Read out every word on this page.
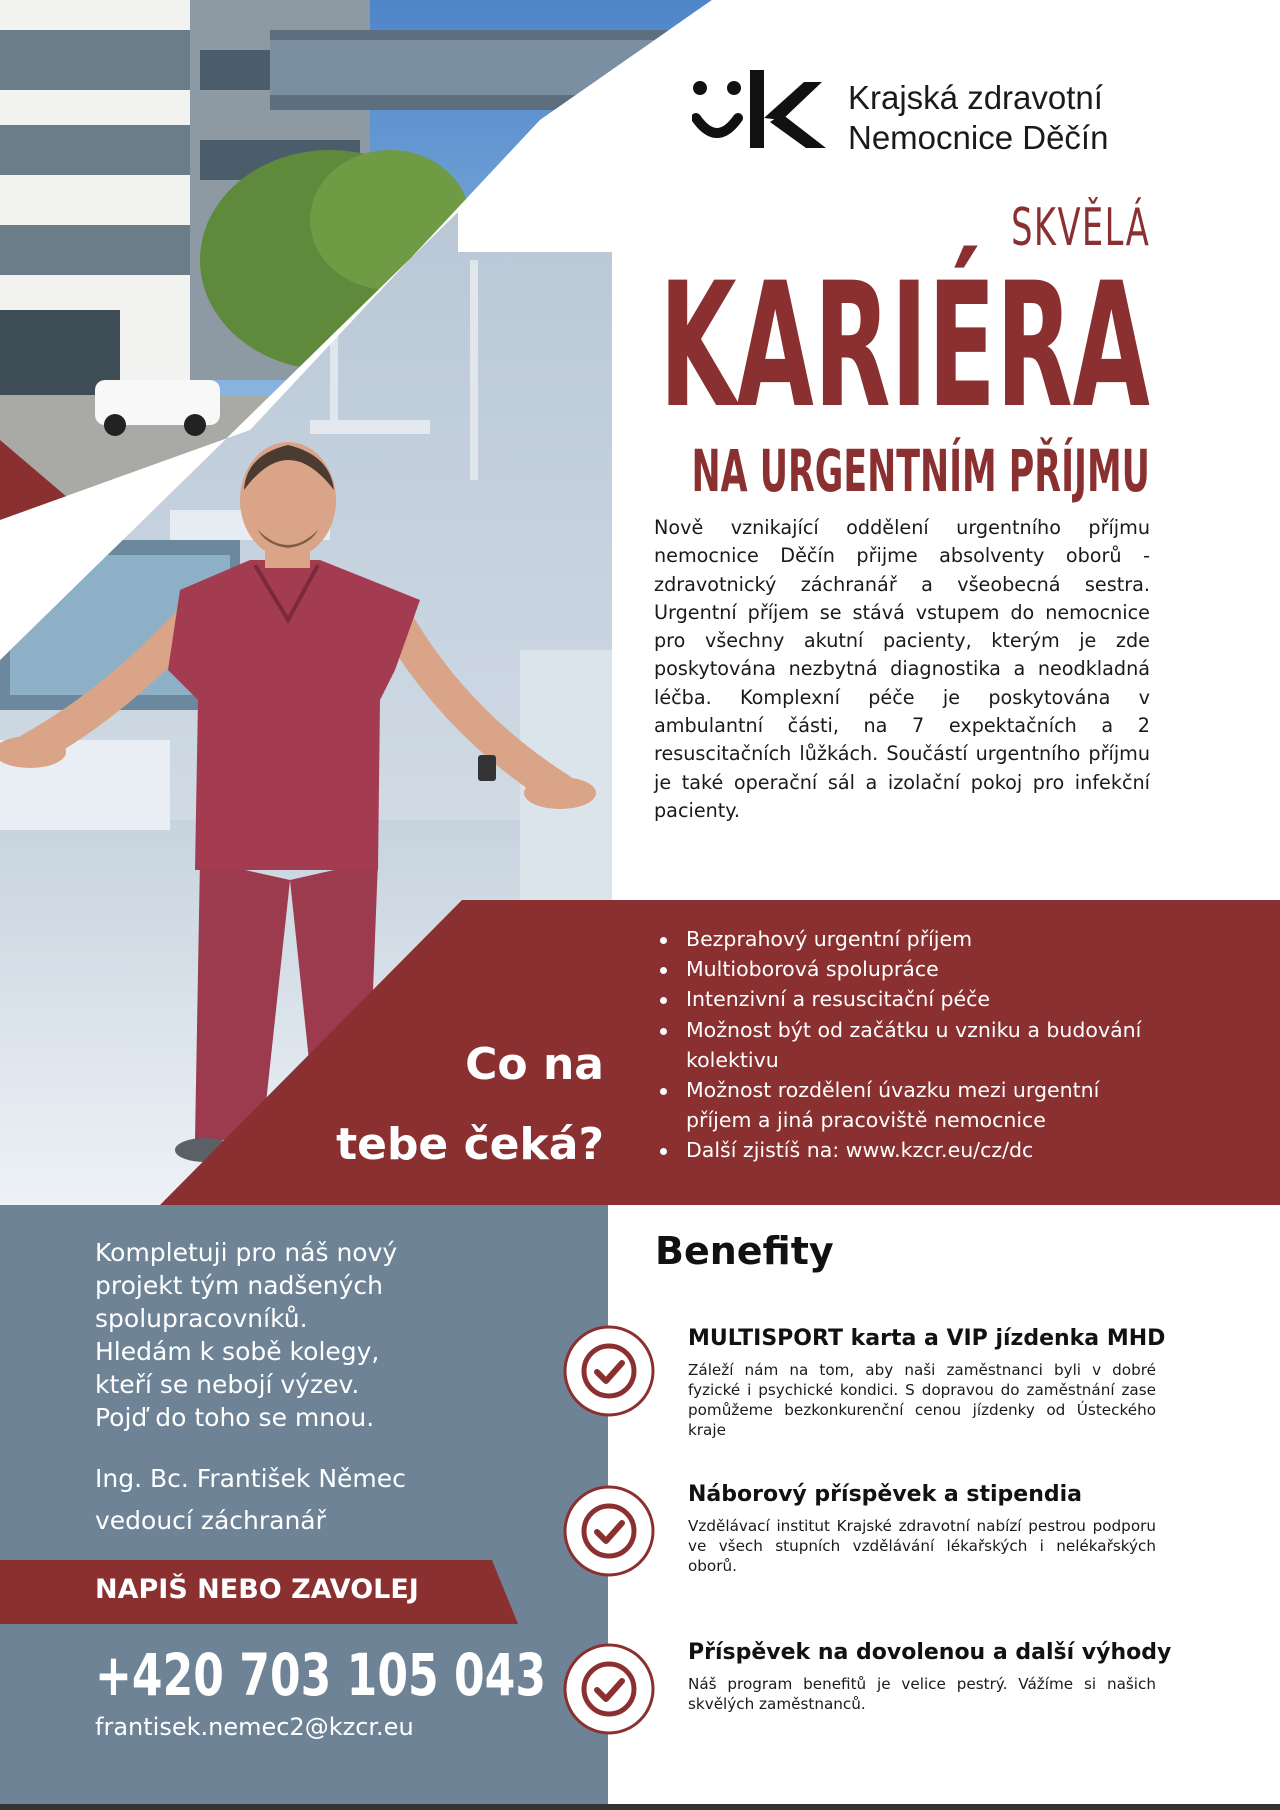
Krajská zdravotní
Nemocnice Děčín
SKVĚLÁ
KARIÉRA
NA URGENTNÍM PŘÍJMU
Nově vznikající oddělení urgentního příjmu nemocnice Děčín přijme absolventy oborů - zdravotnický záchranář a všeobecná sestra. Urgentní příjem se stává vstupem do nemocnice pro všechny akutní pacienty, kterým je zde poskytována nezbytná diagnostika a neodkladná léčba. Komplexní péče je poskytována v ambulantní části, na 7 expektačních a 2 resuscitačních lůžkách. Součástí urgentního příjmu je také operační sál a izolační pokoj pro infekční pacienty.
Co na
tebe čeká?
Bezprahový urgentní příjem
Multioborová spolupráce
Intenzivní a resuscitační péče
Možnost být od začátku u vzniku a budování kolektivu
Možnost rozdělení úvazku mezi urgentní příjem a jiná pracoviště nemocnice
Další zjistíš na: www.kzcr.eu/cz/dc

Kompletuji pro náš nový

projekt tým nadšených

spolupracovníků.

Hledám k sobě kolegy,

kteří se nebojí výzev.

Pojď do toho se mnou.

Ing. Bc. František Němec
vedoucí záchranář
NAPIŠ NEBO ZAVOLEJ
+420 703 105 043
frantisek.nemec2@kzcr.eu
Benefity
MULTISPORT karta a VIP jízdenka MHD
Záleží nám na tom, aby naši zaměstnanci byli v dobré fyzické i psychické kondici. S dopravou do zaměstnání zase pomůžeme bezkonkurenční cenou jízdenky od Ústeckého kraje
Náborový příspěvek a stipendia
Vzdělávací institut Krajské zdravotní nabízí pestrou podporu ve všech stupních vzdělávání lékařských i nelékařských oborů.
Příspěvek na dovolenou a další výhody
Náš program benefitů je velice pestrý. Vážíme si našich skvělých zaměstnanců.
